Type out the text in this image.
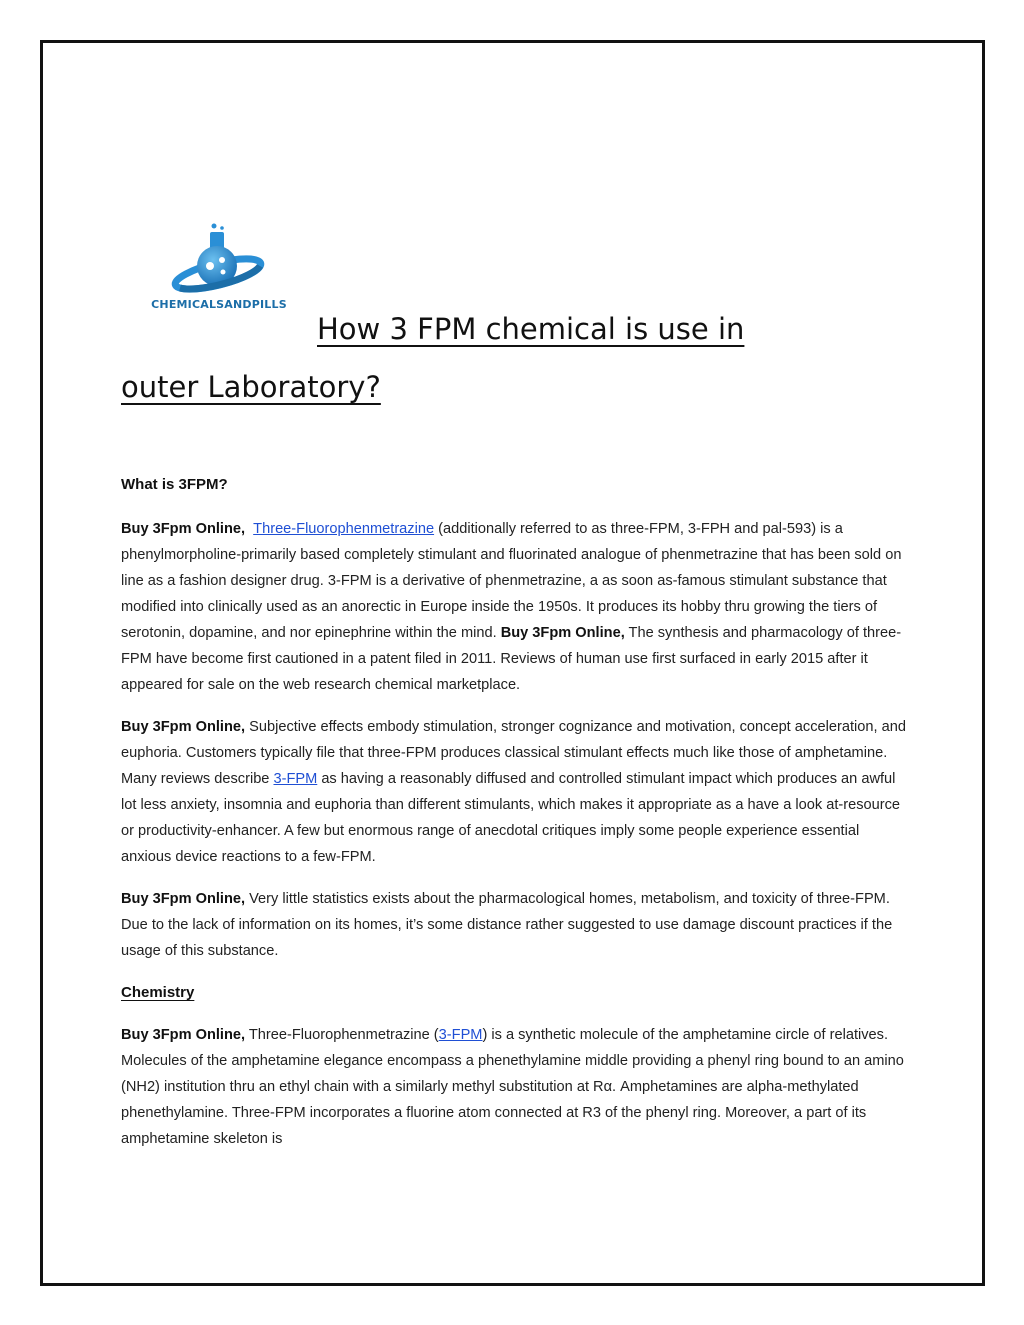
CHEMICALSANDPILLS
How 3 FPM chemical is use in
outer Laboratory?
What is 3FPM?

Buy 3Fpm Online, Three-Fluorophenmetrazine (additionally referred to as three-FPM, 3-FPH and pal-593) is a phenylmorpholine-primarily based completely stimulant and fluorinated analogue of phenmetrazine that has been sold on line as a fashion designer drug. 3-FPM is a derivative of phenmetrazine, a as soon as-famous stimulant substance that modified into clinically used as an anorectic in Europe inside the 1950s. It produces its hobby thru growing the tiers of serotonin, dopamine, and nor epinephrine within the mind. Buy 3Fpm Online, The synthesis and pharmacology of three-FPM have become first cautioned in a patent filed in 2011. Reviews of human use first surfaced in early 2015 after it appeared for sale on the web research chemical marketplace.

Buy 3Fpm Online, Subjective effects embody stimulation, stronger cognizance and motivation, concept acceleration, and euphoria. Customers typically file that three-FPM produces classical stimulant effects much like those of amphetamine. Many reviews describe 3-FPM as having a reasonably diffused and controlled stimulant impact which produces an awful lot less anxiety, insomnia and euphoria than different stimulants, which makes it appropriate as a have a look at-resource or productivity-enhancer. A few but enormous range of anecdotal critiques imply some people experience essential anxious device reactions to a few-FPM.

Buy 3Fpm Online, Very little statistics exists about the pharmacological homes, metabolism, and toxicity of three-FPM. Due to the lack of information on its homes, it’s some distance rather suggested to use damage discount practices if the usage of this substance.

Chemistry

Buy 3Fpm Online, Three-Fluorophenmetrazine (3-FPM) is a synthetic molecule of the amphetamine circle of relatives. Molecules of the amphetamine elegance encompass a phenethylamine middle providing a phenyl ring bound to an amino (NH2) institution thru an ethyl chain with a similarly methyl substitution at Rα. Amphetamines are alpha-methylated phenethylamine. Three-FPM incorporates a fluorine atom connected at R3 of the phenyl ring. Moreover, a part of its amphetamine skeleton is
